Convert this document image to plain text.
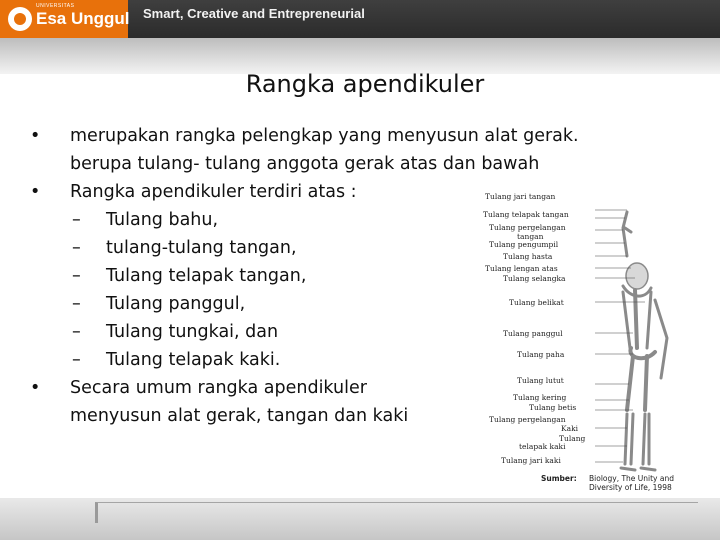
UNIVERSITAS
Esa Unggul Smart, Creative and Entrepreneurial
Rangka apendikuler
• merupakan rangka pelengkap yang menyusun alat gerak.
berupa tulang- tulang anggota gerak atas dan bawah
• Rangka apendikuler terdiri atas :
– Tulang bahu,
– tulang-tulang tangan,
– Tulang telapak tangan,
– Tulang panggul,
– Tulang tungkai, dan
– Tulang telapak kaki.
• Secara umum rangka apendikuler
menyusun alat gerak, tangan dan kaki
Tulang jari tangan
Tulang telapak tangan
Tulang pergelangan
tangan
Tulang pengumpil
Tulang hasta
Tulang lengan atas
Tulang selangka
Tulang belikat
Tulang panggul
Tulang paha
Tulang lutut
Tulang kering
Tulang betis
Tulang pergelangan
Kaki
Tulang
telapak kaki
Tulang jari kaki
Sumber: Biology, The Unity and
Diversity of Life, 1998
